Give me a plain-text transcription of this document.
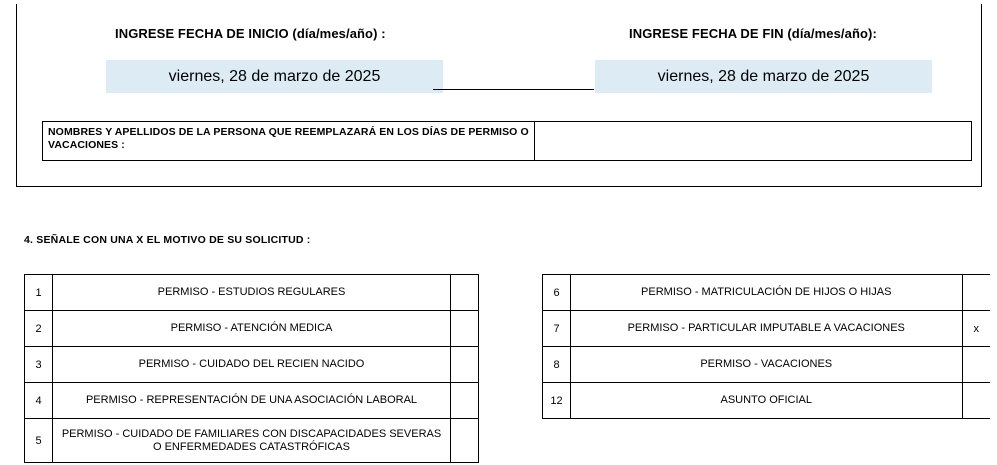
INGRESE FECHA DE INICIO (día/mes/año) :	INGRESE FECHA DE FIN (día/mes/año):
viernes, 28 de marzo de 2025	viernes, 28 de marzo de 2025
NOMBRES Y APELLIDOS DE LA PERSONA QUE REEMPLAZARÁ EN LOS DÍAS DE PERMISO O VACACIONES :
4. SEÑALE CON UNA X EL MOTIVO DE SU SOLICITUD :
1	PERMISO - ESTUDIOS REGULARES	
2	PERMISO - ATENCIÓN MEDICA	
3	PERMISO - CUIDADO DEL RECIEN NACIDO	
4	PERMISO - REPRESENTACIÓN DE UNA ASOCIACIÓN LABORAL	
5	PERMISO - CUIDADO DE FAMILIARES CON DISCAPACIDADES SEVERAS O ENFERMEDADES CATASTRÓFICAS	
6	PERMISO - MATRICULACIÓN DE HIJOS O HIJAS	
7	PERMISO - PARTICULAR IMPUTABLE A VACACIONES	x
8	PERMISO - VACACIONES	
12	ASUNTO OFICIAL	
